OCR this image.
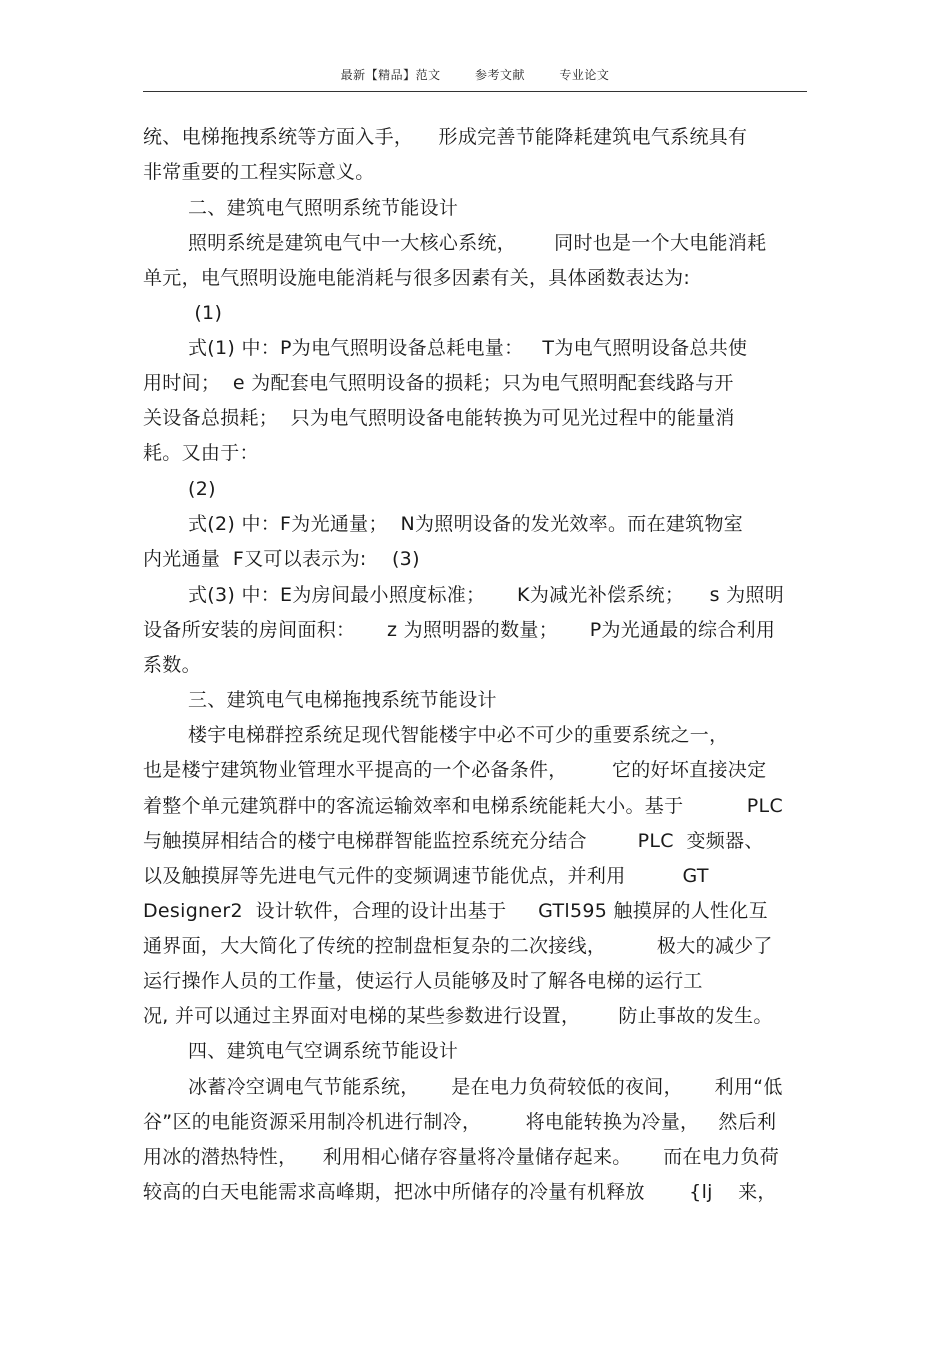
最新【精品】范文	参考文献	专业论文
统、电梯拖拽系统等方面入手，    形成完善节能降耗建筑电气系统具有
非常重要的工程实际意义。
二、建筑电气照明系统节能设计
照明系统是建筑电气中一大核心系统，      同时也是一个大电能消耗
单元，电气照明设施电能消耗与很多因素有关，具体函数表达为:
(1)
式(1) 中：P为电气照明设备总耗电量：   T为电气照明设备总共使
用时间；  e 为配套电气照明设备的损耗；只为电气照明配套线路与开
关设备总损耗；  只为电气照明设备电能转换为可见光过程中的能量消
耗。又由于：
(2)
式(2) 中：F为光通量；  N为照明设备的发光效率。而在建筑物室
内光通量  F又可以表示为:    (3)
式(3) 中：E为房间最小照度标准；     K为减光补偿系统；    s 为照明
设备所安装的房间面积：     z 为照明器的数量；     P为光通最的综合利用
系数。
三、建筑电气电梯拖拽系统节能设计
楼宇电梯群控系统足现代智能楼宇中必不可少的重要系统之一，
也是楼宁建筑物业管理水平提高的一个必备条件，       它的好坏直接决定
着整个单元建筑群中的客流运输效率和电梯系统能耗大小。基于          PLC
与触摸屏相结合的楼宁电梯群智能监控系统充分结合        PLC  变频器、
以及触摸屏等先进电气元件的变频调速节能优点，并利用         GT
Designer2  设计软件，合理的设计出基于     GTl595 触摸屏的人性化互
通界面，大大简化了传统的控制盘柜复杂的二次接线，        极大的减少了
运行操作人员的工作量，使运行人员能够及时了解各电梯的运行工
况, 并可以通过主界面对电梯的某些参数进行设置，      防止事故的发生。
四、建筑电气空调系统节能设计
冰蓄冷空调电气节能系统，     是在电力负荷较低的夜间，     利用“低
谷”区的电能资源采用制冷机进行制冷，       将电能转换为冷量，   然后利
用冰的潜热特性，    利用相心储存容量将冷量储存起来。     而在电力负荷
较高的白天电能需求高峰期，把冰中所储存的冷量有机释放       {lj    来，
